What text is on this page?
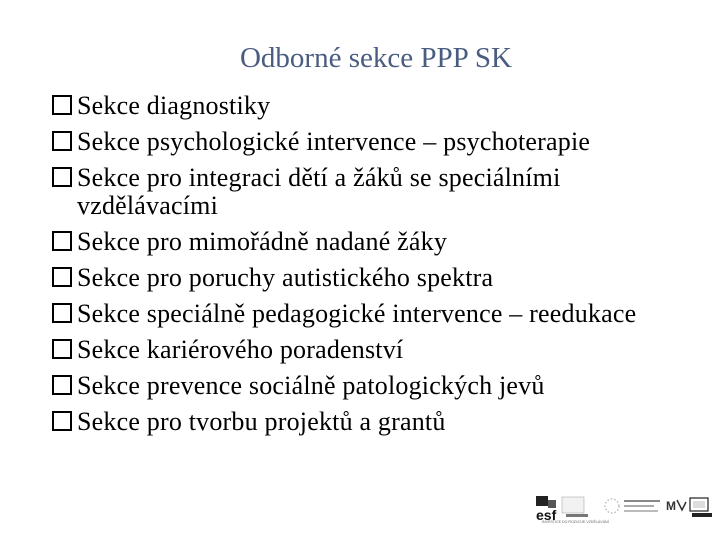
Odborné sekce PPP SK
Sekce diagnostiky
Sekce psychologické intervence – psychoterapie
Sekce pro integraci dětí a žáků se speciálními vzdělávacími
Sekce pro mimořádně nadané žáky
Sekce pro poruchy autistického spektra
Sekce speciálně pedagogické intervence – reedukace
Sekce kariérového poradenství
Sekce prevence sociálně patologických jevů
Sekce pro tvorbu projektů a grantů
esf
M
INVESTICE DO ROZVOJE VZDĚLÁVÁNÍ
